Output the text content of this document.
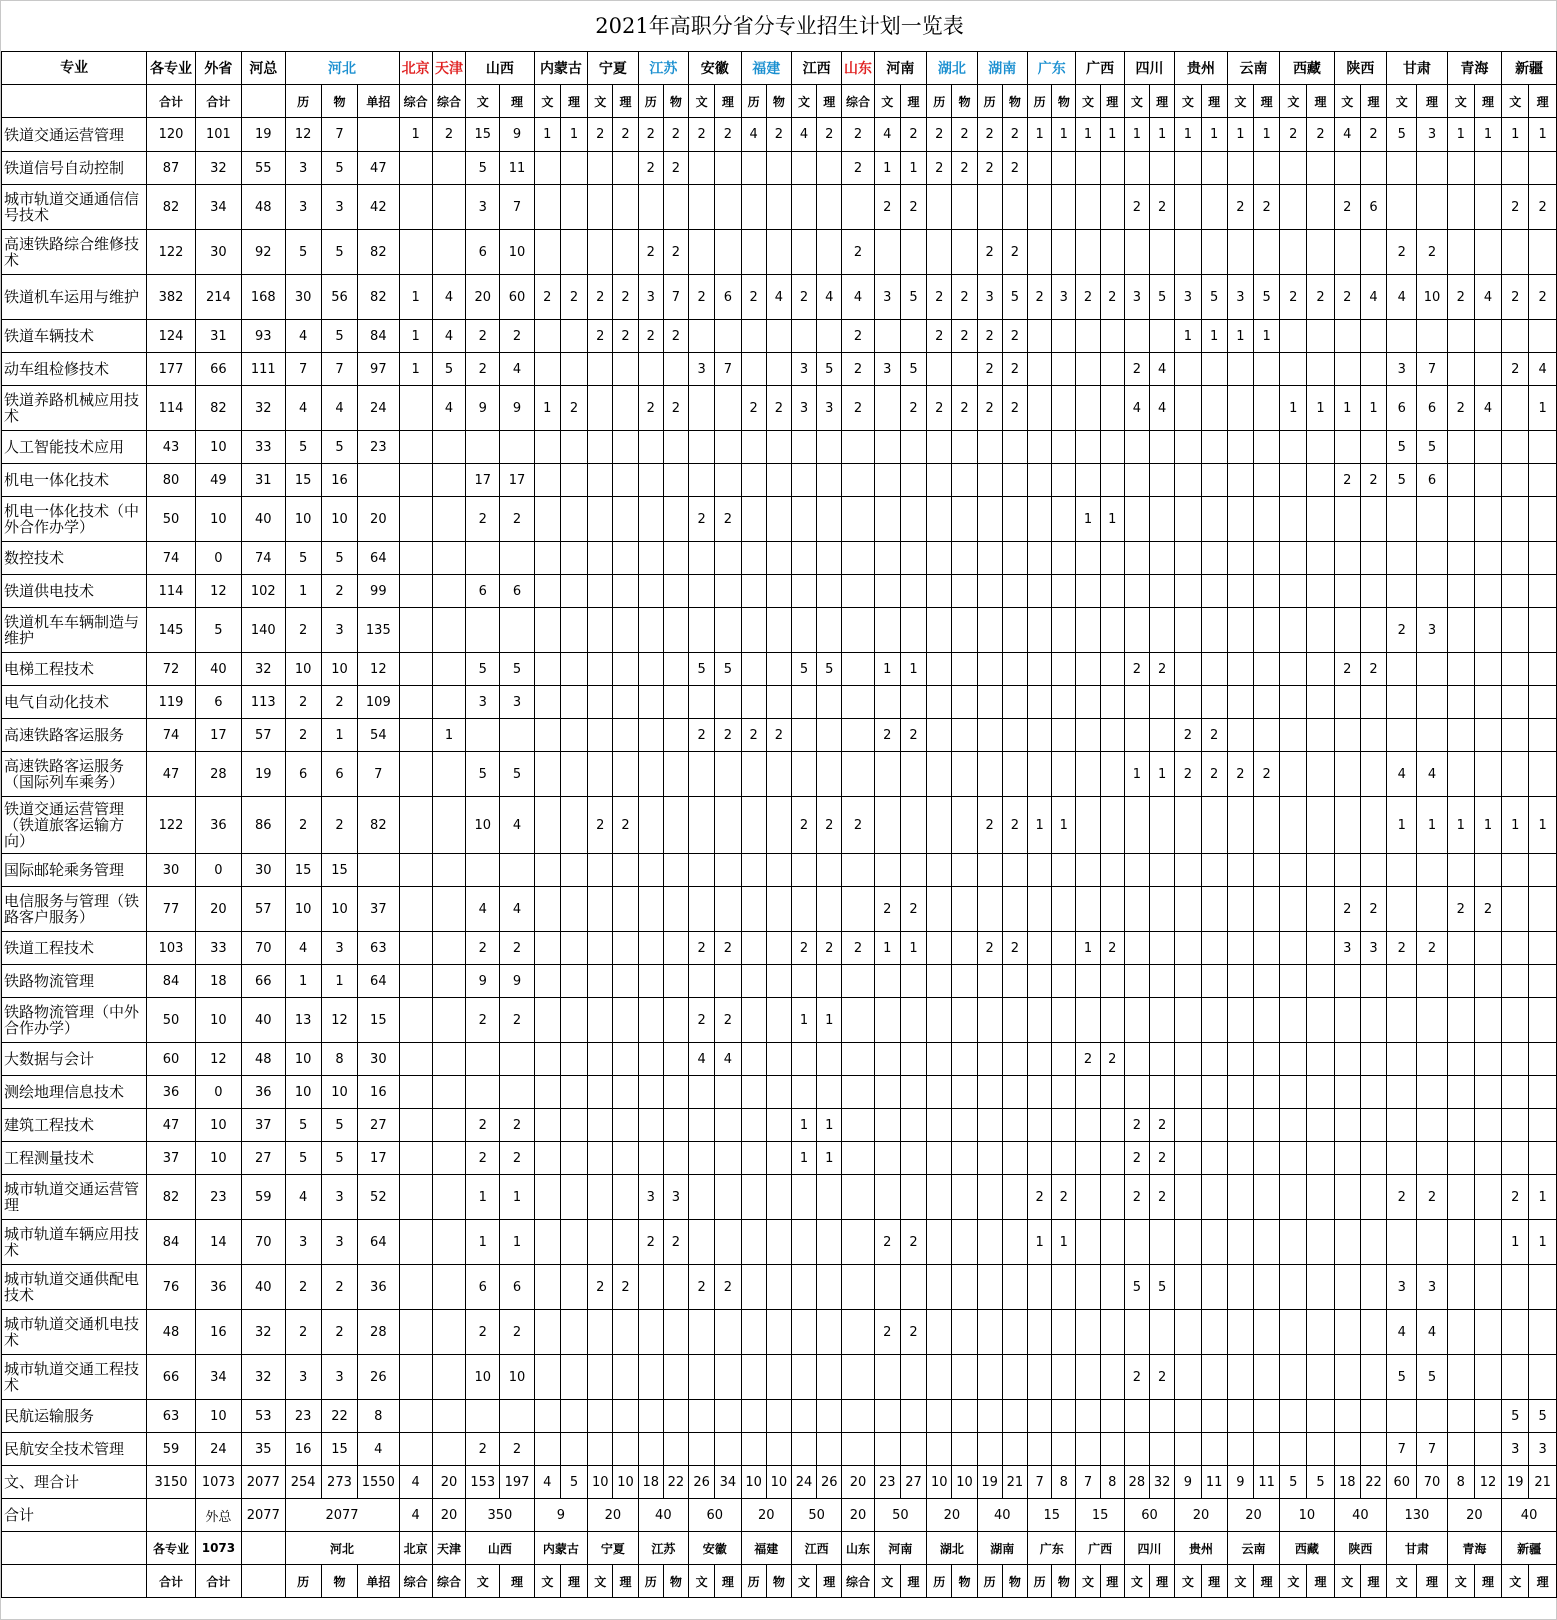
2021年高职分省分专业招生计划一览表
专业	各专业	外省	河总	河北			北京	天津	山西		内蒙古		宁夏		江苏		安徽		福建		江西		山东	河南		湖北		湖南		广东		广西		四川		贵州		云南		西藏		陕西		甘肃		青海		新疆	
	合计	合计		历	物	单招	综合	综合	文	理	文	理	文	理	历	物	文	理	历	物	文	理	综合	文	理	历	物	历	物	历	物	文	理	文	理	文	理	文	理	文	理	文	理	文	理	文	理	文	理
铁道交通运营管理	120	101	19	12	7		1	2	15	9	1	1	2	2	2	2	2	2	4	2	4	2	2	4	2	2	2	2	2	1	1	1	1	1	1	1	1	1	1	2	2	4	2	5	3	1	1	1	1
铁道信号自动控制	87	32	55	3	5	47			5	11					2	2							2	1	1	2	2	2	2																				
城市轨道交通通信信号技术	82	34	48	3	3	42			3	7														2	2									2	2			2	2			2	6					2	2
高速铁路综合维修技术	122	30	92	5	5	82			6	10					2	2							2					2	2															2	2				
铁道机车运用与维护	382	214	168	30	56	82	1	4	20	60	2	2	2	2	3	7	2	6	2	4	2	4	4	3	5	2	2	3	5	2	3	2	2	3	5	3	5	3	5	2	2	2	4	4	10	2	4	2	2
铁道车辆技术	124	31	93	4	5	84	1	4	2	2			2	2	2	2							2			2	2	2	2							1	1	1	1										
动车组检修技术	177	66	111	7	7	97	1	5	2	4							3	7			3	5	2	3	5			2	2					2	4									3	7			2	4
铁道养路机械应用技术	114	82	32	4	4	24		4	9	9	1	2			2	2			2	2	3	3	2		2	2	2	2	2					4	4					1	1	1	1	6	6	2	4		1
人工智能技术应用	43	10	33	5	5	23																																						5	5				
机电一体化技术	80	49	31	15	16				17	17																																2	2	5	6				
机电一体化技术（中外合作办学）	50	10	40	10	10	20			2	2							2	2														1	1																
数控技术	74	0	74	5	5	64																																											
铁道供电技术	114	12	102	1	2	99			6	6																																							
铁道机车车辆制造与维护	145	5	140	2	3	135																																						2	3				
电梯工程技术	72	40	32	10	10	12			5	5							5	5			5	5		1	1									2	2							2	2						
电气自动化技术	119	6	113	2	2	109			3	3																																							
高速铁路客运服务	74	17	57	2	1	54		1									2	2	2	2				2	2											2	2												
高速铁路客运服务（国际列车乘务）	47	28	19	6	6	7			5	5																								1	1	2	2	2	2					4	4				
铁道交通运营管理（铁道旅客运输方向）	122	36	86	2	2	82			10	4			2	2							2	2	2					2	2	1	1													1	1	1	1	1	1
国际邮轮乘务管理	30	0	30	15	15																																												
电信服务与管理（铁路客户服务）	77	20	57	10	10	37			4	4														2	2																	2	2			2	2		
铁道工程技术	103	33	70	4	3	63			2	2							2	2			2	2	2	1	1			2	2			1	2									3	3	2	2				
铁路物流管理	84	18	66	1	1	64			9	9																																							
铁路物流管理（中外合作办学）	50	10	40	13	12	15			2	2							2	2			1	1																											
大数据与会计	60	12	48	10	8	30											4	4														2	2																
测绘地理信息技术	36	0	36	10	10	16																																											
建筑工程技术	47	10	37	5	5	27			2	2											1	1												2	2														
工程测量技术	37	10	27	5	5	17			2	2											1	1												2	2														
城市轨道交通运营管理	82	23	59	4	3	52			1	1					3	3														2	2			2	2									2	2			2	1
城市轨道车辆应用技术	84	14	70	3	3	64			1	1					2	2								2	2					1	1																	1	1
城市轨道交通供配电技术	76	36	40	2	2	36			6	6			2	2			2	2																5	5									3	3				
城市轨道交通机电技术	48	16	32	2	2	28			2	2														2	2																			4	4				
城市轨道交通工程技术	66	34	32	3	3	26			10	10																								2	2									5	5				
民航运输服务	63	10	53	23	22	8																																										5	5
民航安全技术管理	59	24	35	16	15	4			2	2																																		7	7			3	3
文、理合计	3150	1073	2077	254	273	1550	4	20	153	197	4	5	10	10	18	22	26	34	10	10	24	26	20	23	27	10	10	19	21	7	8	7	8	28	32	9	11	9	11	5	5	18	22	60	70	8	12	19	21
合计		外总	2077	2077			4	20	350		9		20		40		60		20		50		20	50		20		40		15		15		60		20		20		10		40		130		20		40	
	各专业	1073		河北			北京	天津	山西		内蒙古		宁夏		江苏		安徽		福建		江西		山东	河南		湖北		湖南		广东		广西		四川		贵州		云南		西藏		陕西		甘肃		青海		新疆	
	合计	合计		历	物	单招	综合	综合	文	理	文	理	文	理	历	物	文	理	历	物	文	理	综合	文	理	历	物	历	物	历	物	文	理	文	理	文	理	文	理	文	理	文	理	文	理	文	理	文	理
